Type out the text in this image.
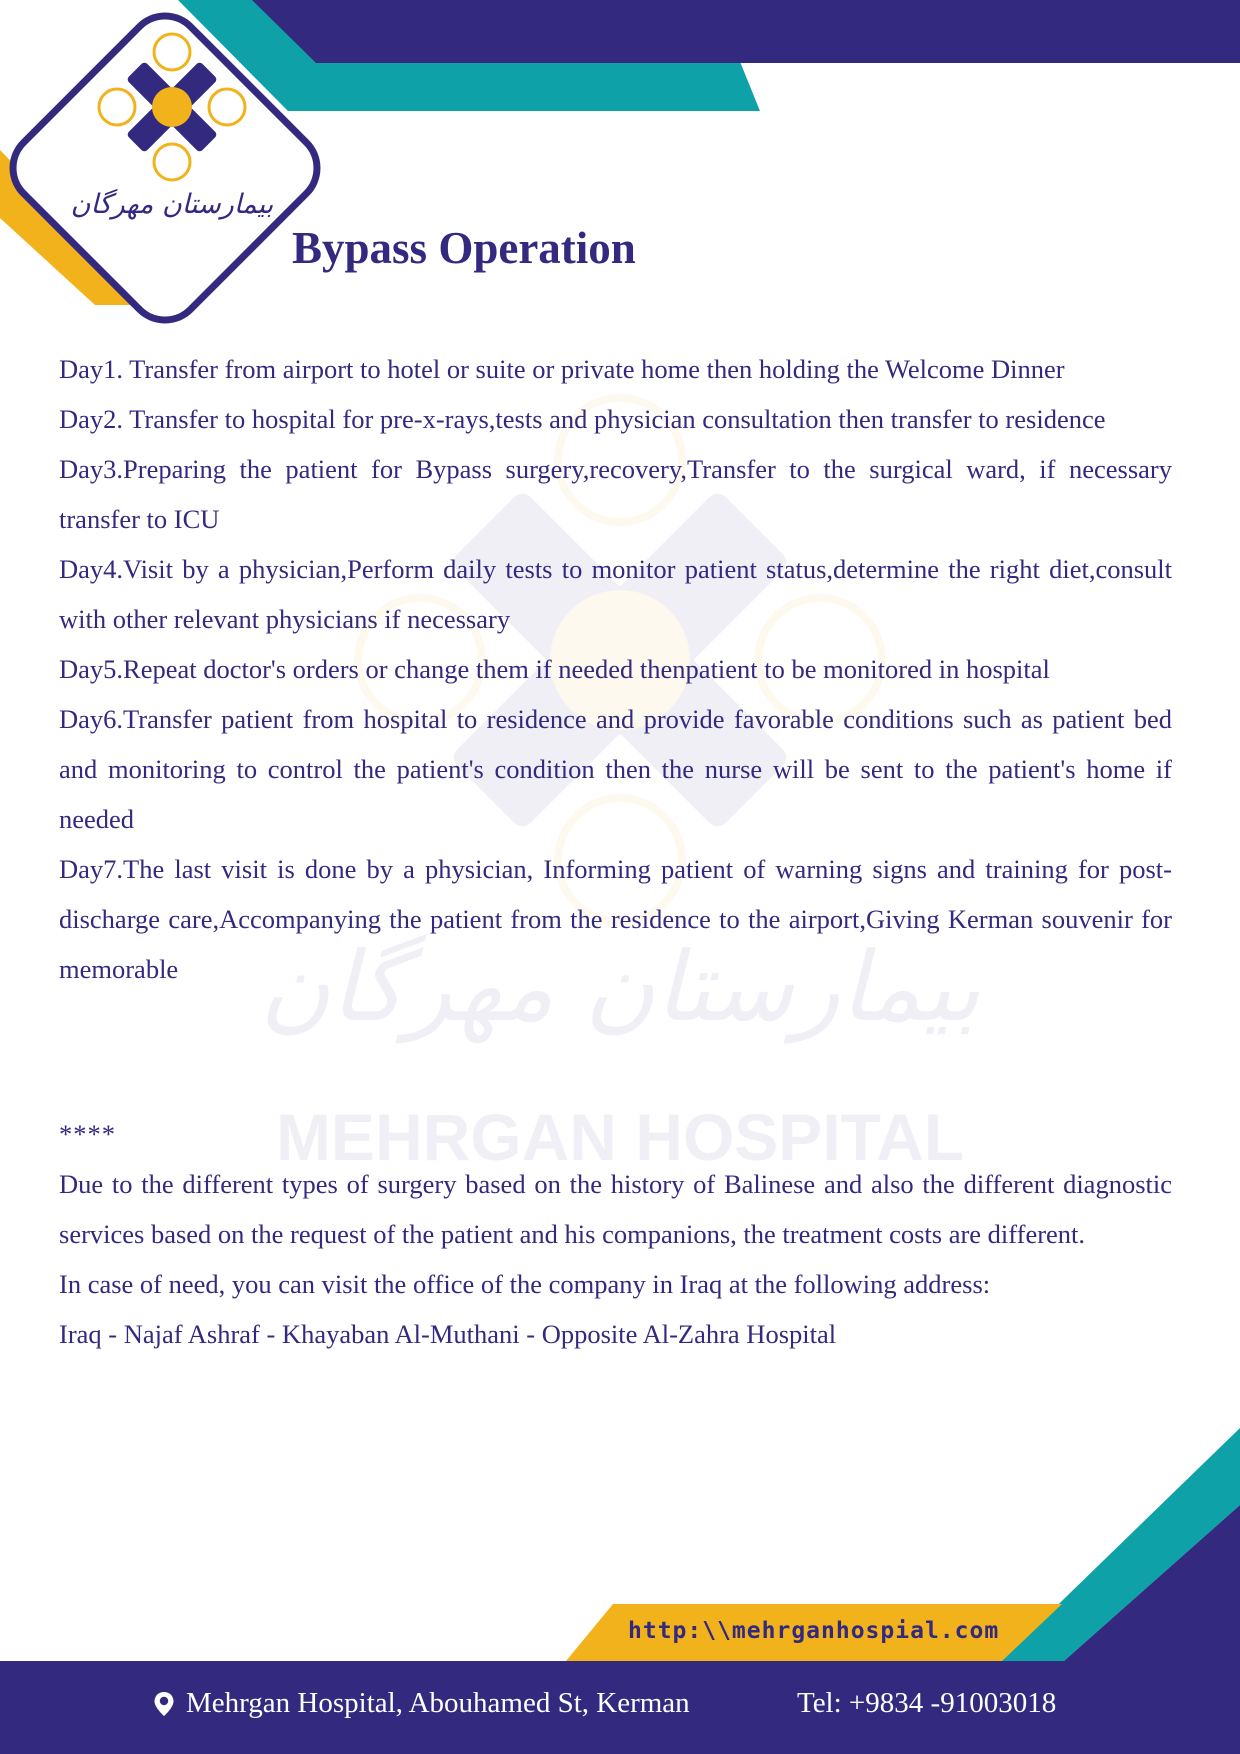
بیمارستان مهرگان
بیمارستان مهرگان
MEHRGAN HOSPITAL
Bypass Operation

Day1. Transfer from airport to hotel or suite or private home then holding the Welcome Dinner

Day2. Transfer to hospital for pre-x-rays,tests and physician consultation then transfer to residence

Day3.Preparing the patient for Bypass surgery,recovery,Transfer to the surgical ward, if necessary transfer to ICU

Day4.Visit by a physician,Perform daily tests to monitor patient status,determine the right diet,consult with other relevant physicians if necessary

Day5.Repeat doctor's orders or change them if needed thenpatient to be monitored in hospital

Day6.Transfer patient from hospital to residence and provide favorable conditions such as patient bed and monitoring to control the patient's condition then the nurse will be sent to the patient's home if needed

Day7.The last visit is done by a physician, Informing patient of warning signs and training for post-discharge care,Accompanying the patient from the residence to the airport,Giving Kerman souvenir for memorable

****

Due to the different types of surgery based on the history of Balinese and also the different diagnostic services based on the request of the patient and his companions, the treatment costs are different.

In case of need, you can visit the office of the company in Iraq at the following address:

Iraq - Najaf Ashraf - Khayaban Al-Muthani - Opposite Al-Zahra Hospital

http:\\mehrganhospial.com
Mehrgan Hospital, Abouhamed St, Kerman	Tel: +9834 -91003018
